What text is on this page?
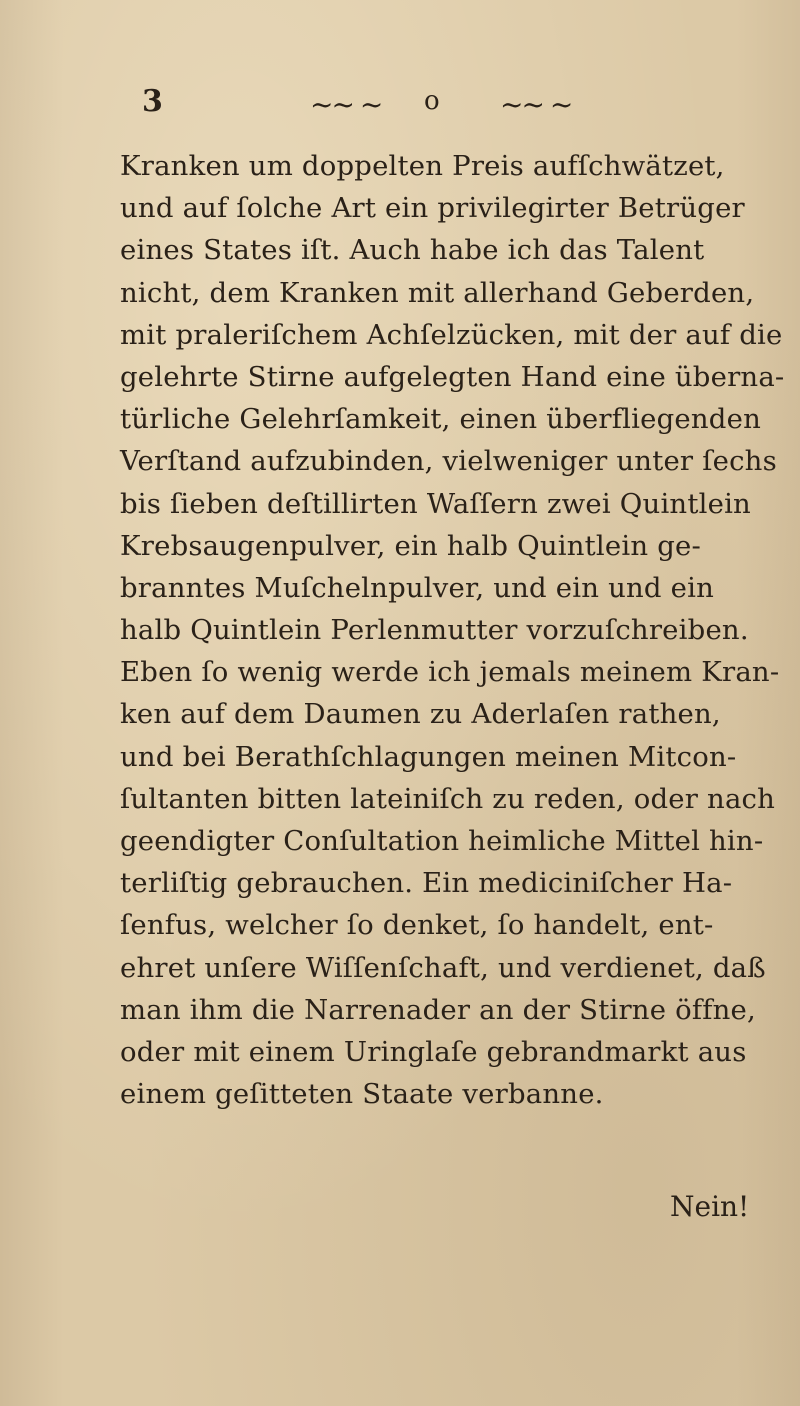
3	~~ ~ o ~~ ~
Kranken um doppelten Preis aufſchwätzet,
und auf ſolche Art ein privilegirter Betrüger
eines States iſt. Auch habe ich das Talent
nicht, dem Kranken mit allerhand Geberden,
mit praleriſchem Achſelzücken, mit der auf die
gelehrte Stirne aufgelegten Hand eine überna-
türliche Gelehrſamkeit, einen überfliegenden
Verſtand aufzubinden, vielweniger unter ſechs
bis ſieben deſtillirten Waſſern zwei Quintlein
Krebsaugenpulver, ein halb Quintlein ge-
branntes Muſchelnpulver, und ein und ein
halb Quintlein Perlenmutter vorzuſchreiben.
Eben ſo wenig werde ich jemals meinem Kran-
ken auf dem Daumen zu Aderlaſen rathen,
und bei Berathſchlagungen meinen Mitcon-
ſultanten bitten lateiniſch zu reden, oder nach
geendigter Conſultation heimliche Mittel hin-
terliſtig gebrauchen. Ein mediciniſcher Ha-
ſenfus, welcher ſo denket, ſo handelt, ent-
ehret unſere Wiſſenſchaft, und verdienet, daß
man ihm die Narrenader an der Stirne öffne,
oder mit einem Uringlaſe gebrandmarkt aus
einem geſitteten Staate verbanne.
Nein!
